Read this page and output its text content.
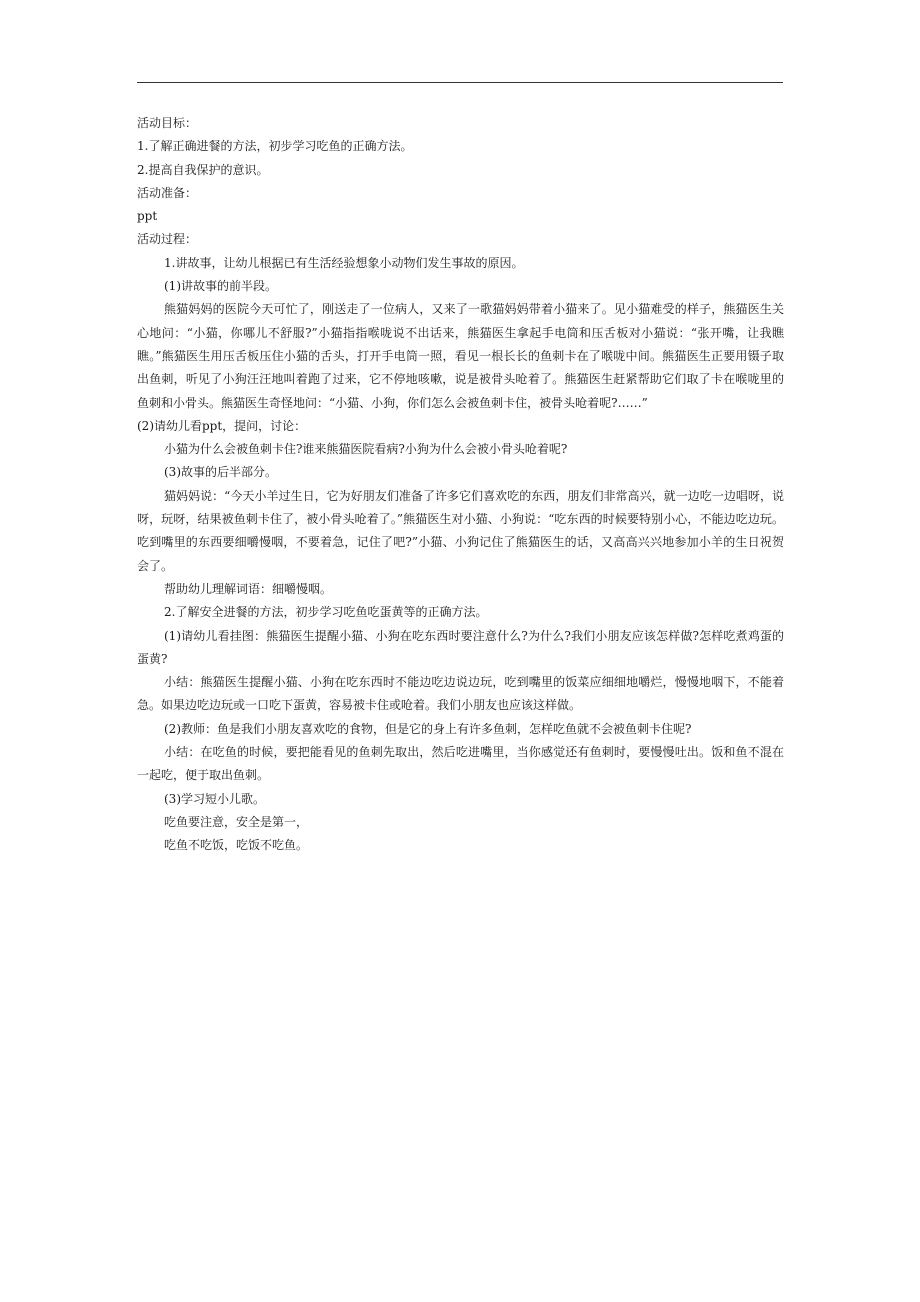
活动目标：

1.了解正确进餐的方法，初步学习吃鱼的正确方法。

2.提高自我保护的意识。

活动准备：

ppt

活动过程：

1.讲故事，让幼儿根据已有生活经验想象小动物们发生事故的原因。

(1)讲故事的前半段。

熊猫妈妈的医院今天可忙了，刚送走了一位病人，又来了一歌猫妈妈带着小猫来了。见小猫难受的样子，熊猫医生关心地问：“小猫，你哪儿不舒服?”小猫指指喉咙说不出话来，熊猫医生拿起手电筒和压舌板对小猫说：“张开嘴，让我瞧瞧。”熊猫医生用压舌板压住小猫的舌头，打开手电筒一照，看见一根长长的鱼刺卡在了喉咙中间。熊猫医生正要用镊子取出鱼刺，听见了小狗汪汪地叫着跑了过来，它不停地咳嗽，说是被骨头呛着了。熊猫医生赶紧帮助它们取了卡在喉咙里的鱼刺和小骨头。熊猫医生奇怪地问：“小猫、小狗，你们怎么会被鱼刺卡住，被骨头呛着呢?……”

(2)请幼儿看ppt，提问，讨论：

小猫为什么会被鱼刺卡住?谁来熊猫医院看病?小狗为什么会被小骨头呛着呢?

(3)故事的后半部分。

猫妈妈说：“今天小羊过生日，它为好朋友们准备了许多它们喜欢吃的东西，朋友们非常高兴，就一边吃一边唱呀，说呀，玩呀，结果被鱼刺卡住了，被小骨头呛着了。”熊猫医生对小猫、小狗说：“吃东西的时候要特别小心，不能边吃边玩。吃到嘴里的东西要细嚼慢咽，不要着急，记住了吧?”小猫、小狗记住了熊猫医生的话，又高高兴兴地参加小羊的生日祝贺会了。

帮助幼儿理解词语：细嚼慢咽。

2.了解安全进餐的方法，初步学习吃鱼吃蛋黄等的正确方法。

(1)请幼儿看挂图：熊猫医生提醒小猫、小狗在吃东西时要注意什么?为什么?我们小朋友应该怎样做?怎样吃煮鸡蛋的蛋黄?

小结：熊猫医生提醒小猫、小狗在吃东西时不能边吃边说边玩，吃到嘴里的饭菜应细细地嚼烂，慢慢地咽下，不能着急。如果边吃边玩或一口吃下蛋黄，容易被卡住或呛着。我们小朋友也应该这样做。

(2)教师：鱼是我们小朋友喜欢吃的食物，但是它的身上有许多鱼刺，怎样吃鱼就不会被鱼刺卡住呢?

小结：在吃鱼的时候，要把能看见的鱼刺先取出，然后吃进嘴里，当你感觉还有鱼刺时，要慢慢吐出。饭和鱼不混在一起吃，便于取出鱼刺。

(3)学习短小儿歌。

吃鱼要注意，安全是第一，

吃鱼不吃饭，吃饭不吃鱼。
